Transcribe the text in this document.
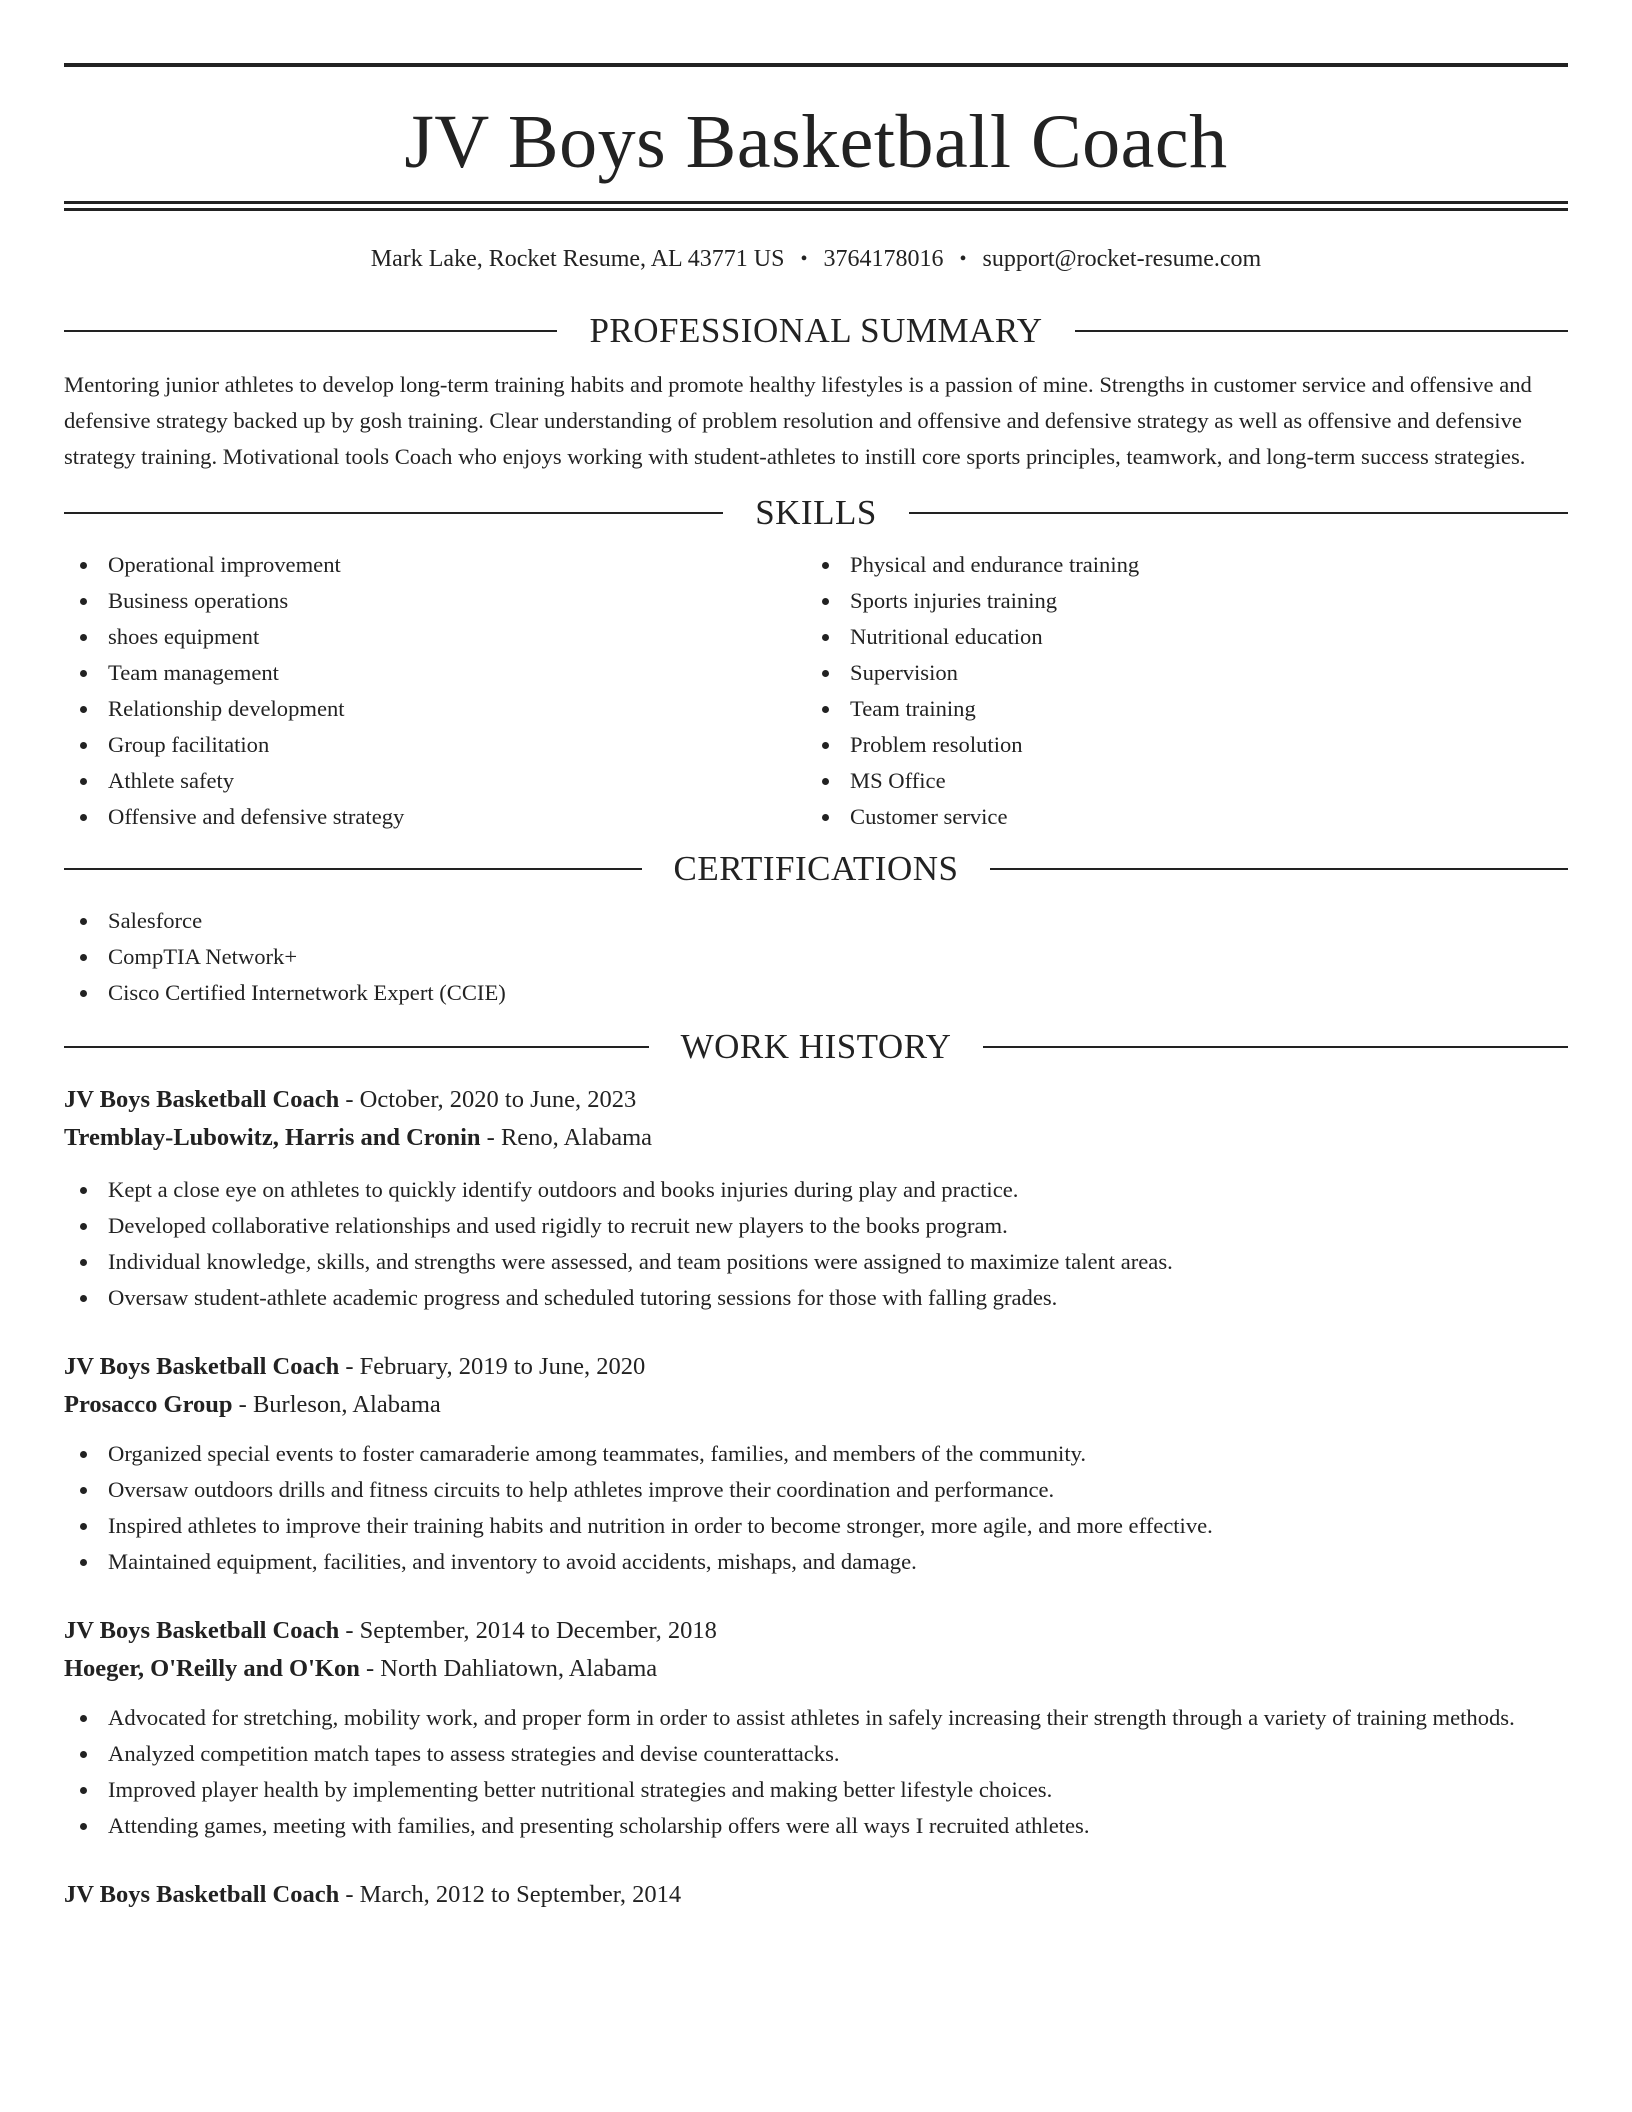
JV Boys Basketball Coach
Mark Lake, Rocket Resume, AL 43771 US • 3764178016 • support@rocket-resume.com
PROFESSIONAL SUMMARY

Mentoring junior athletes to develop long-term training habits and promote healthy lifestyles is a passion of mine. Strengths in customer service and offensive and defensive strategy backed up by gosh training. Clear understanding of problem resolution and offensive and defensive strategy as well as offensive and defensive strategy training. Motivational tools Coach who enjoys working with student-athletes to instill core sports principles, teamwork, and long-term success strategies.

SKILLS
Operational improvement
Business operations
shoes equipment
Team management
Relationship development
Group facilitation
Athlete safety
Offensive and defensive strategy
Physical and endurance training
Sports injuries training
Nutritional education
Supervision
Team training
Problem resolution
MS Office
Customer service
CERTIFICATIONS
Salesforce
CompTIA Network+
Cisco Certified Internetwork Expert (CCIE)
WORK HISTORY
JV Boys Basketball Coach - October, 2020 to June, 2023
Tremblay-Lubowitz, Harris and Cronin - Reno, Alabama
Kept a close eye on athletes to quickly identify outdoors and books injuries during play and practice.
Developed collaborative relationships and used rigidly to recruit new players to the books program.
Individual knowledge, skills, and strengths were assessed, and team positions were assigned to maximize talent areas.
Oversaw student-athlete academic progress and scheduled tutoring sessions for those with falling grades.
JV Boys Basketball Coach - February, 2019 to June, 2020
Prosacco Group - Burleson, Alabama
Organized special events to foster camaraderie among teammates, families, and members of the community.
Oversaw outdoors drills and fitness circuits to help athletes improve their coordination and performance.
Inspired athletes to improve their training habits and nutrition in order to become stronger, more agile, and more effective.
Maintained equipment, facilities, and inventory to avoid accidents, mishaps, and damage.
JV Boys Basketball Coach - September, 2014 to December, 2018
Hoeger, O'Reilly and O'Kon - North Dahliatown, Alabama
Advocated for stretching, mobility work, and proper form in order to assist athletes in safely increasing their strength through a variety of training methods.
Analyzed competition match tapes to assess strategies and devise counterattacks.
Improved player health by implementing better nutritional strategies and making better lifestyle choices.
Attending games, meeting with families, and presenting scholarship offers were all ways I recruited athletes.
JV Boys Basketball Coach - March, 2012 to September, 2014
